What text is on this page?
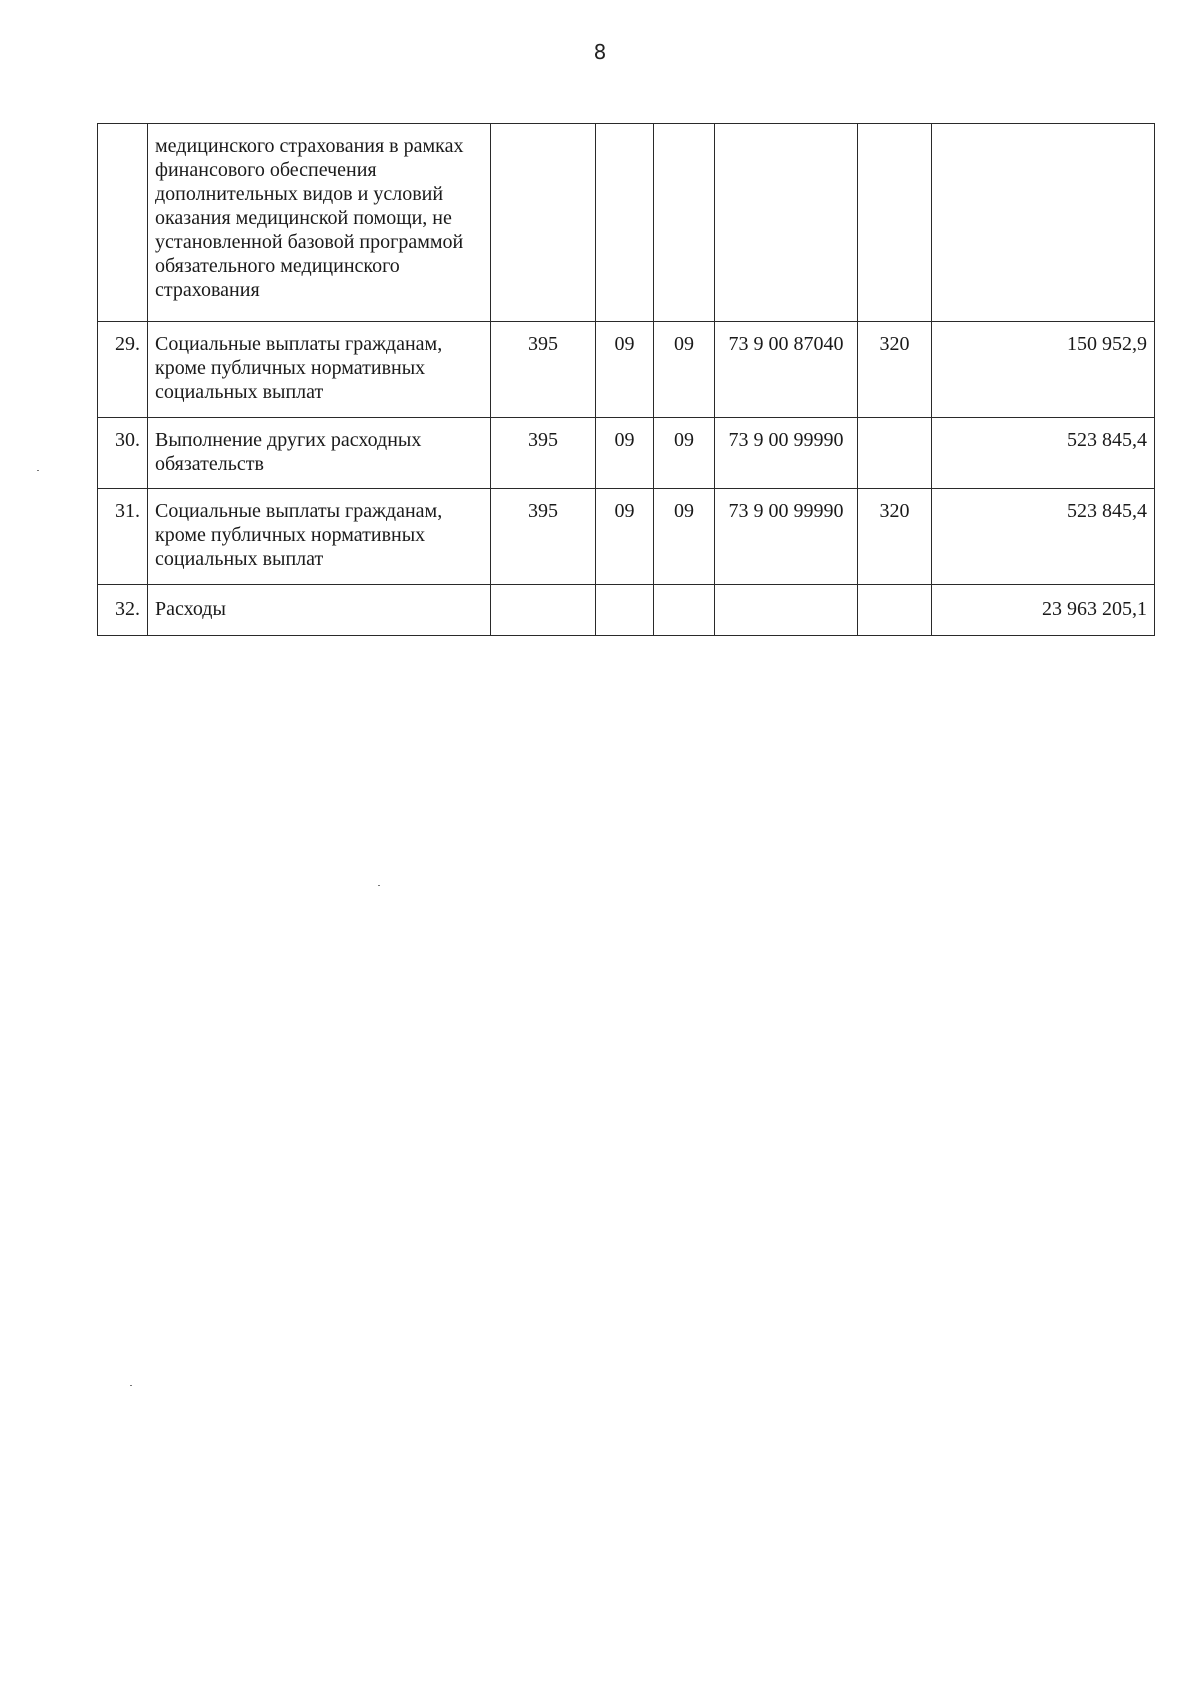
8
	медицинского страхования в рамках финансового обеспечения дополнительных видов и условий оказания медицинской помощи, не установленной базовой программой обязательного медицинского страхования						
29.	Социальные выплаты гражданам, кроме публичных нормативных социальных выплат	395	09	09	73 9 00 87040	320	150 952,9
30.	Выполнение других расходных обязательств	395	09	09	73 9 00 99990		523 845,4
31.	Социальные выплаты гражданам, кроме публичных нормативных социальных выплат	395	09	09	73 9 00 99990	320	523 845,4
32.	Расходы						23 963 205,1
